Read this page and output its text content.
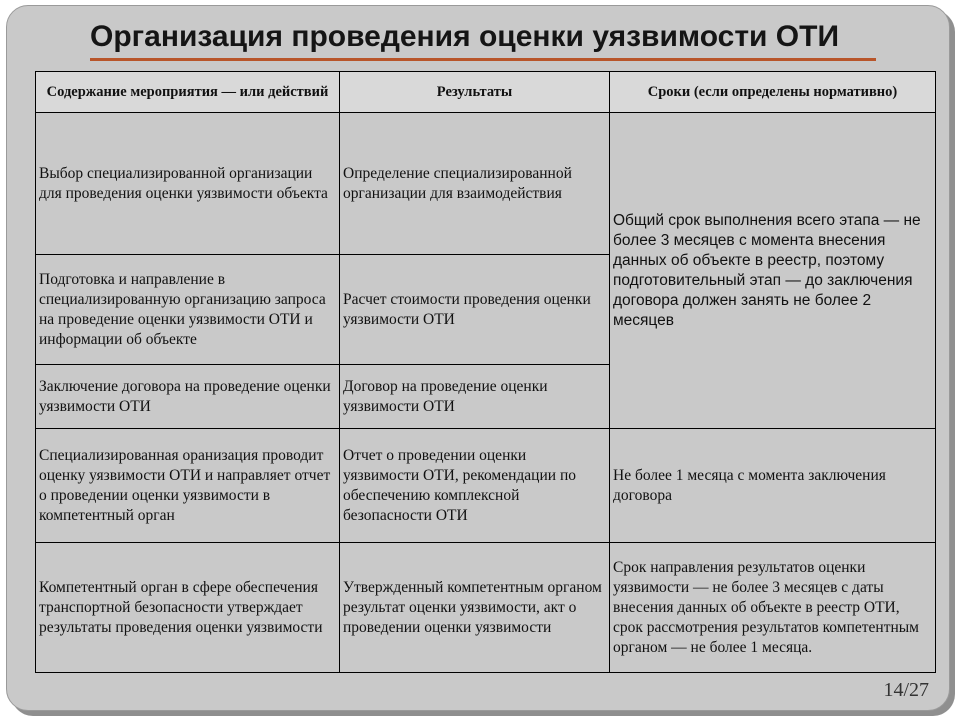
Организация проведения оценки уязвимости ОТИ
Содержание мероприятия — или действий	Результаты	Сроки (если определены нормативно)
Выбор специализированной организации для проведения оценки уязвимости объекта	Определение специализированной организации для взаимодействия	Общий срок выполнения всего этапа — не более 3 месяцев с момента внесения данных об объекте в реестр, поэтому подготовительный этап — до заключения договора должен занять не более 2 месяцев
Подготовка и направление в специализированную организацию запроса на проведение оценки уязвимости ОТИ и информации об объекте	Расчет стоимости проведения оценки уязвимости ОТИ	
Заключение договора на проведение оценки уязвимости ОТИ	Договор на проведение оценки уязвимости ОТИ	
Специализированная оранизация проводит оценку уязвимости ОТИ и направляет отчет о проведении оценки уязвимости в компетентный орган	Отчет о проведении оценки уязвимости ОТИ, рекомендации по обеспечению комплексной безопасности ОТИ	Не более 1 месяца с момента заключения договора
Компетентный орган в сфере обеспечения транспортной безопасности утверждает результаты проведения оценки уязвимости	Утвержденный компетентным органом результат оценки уязвимости, акт о проведении оценки уязвимости	Срок направления результатов оценки уязвимости — не более 3 месяцев с даты внесения данных об объекте в реестр ОТИ, срок рассмотрения результатов компетентным органом — не более 1 месяца.
14/27
